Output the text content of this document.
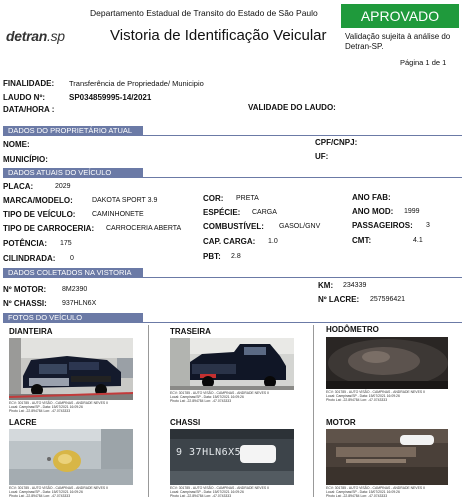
Departamento Estadual de Transito do Estado de São Paulo
detran.sp	Vistoria de Identificação Veicular
APROVADO
Validação sujeita à análise do Detran-SP.
Página 1 de 1
FINALIDADE: Transferência de Propriedade/ Municipio
LAUDO Nº:	SP034859995-14/2021
DATA/HORA :	VALIDADE DO LAUDO:
DADOS DO PROPRIETÁRIO ATUAL
NOME:	CPF/CNPJ:
MUNICÍPIO:	UF:
DADOS ATUAIS DO VEÍCULO
PLACA:	2029
MARCA/MODELO:	DAKOTA SPORT 3.9	COR: PRETA	ANO FAB:
TIPO DE VEÍCULO: CAMINHONETE	ESPÉCIE: CARGA	ANO MOD: 1999
TIPO DE CARROCERIA: CARROCERIA ABERTA	COMBUSTÍVEL: GASOL/GNV	PASSAGEIROS: 3
POTÊNCIA: 175	CAP. CARGA: 1.0	CMT:	4.1
CILINDRADA: 0	PBT: 2.8
DADOS COLETADOS NA VISTORIA
Nº MOTOR: 8M2390	KM: 234339
Nº CHASSI: 937HLN6X	Nº LACRE: 257596421
FOTOS DO VEÍCULO
DIANTEIRA
ECV: 301785 - AUTO VISÃO - CAMPINAS - ANDRADE NEVES II
Local: Campinas/SP - Data: 15/07/2021 16:09:26
Photo Lat: -22.894784 Lon: -47.0743333
TRASEIRA
ECV: 301785 - AUTO VISÃO - CAMPINAS - ANDRADE NEVES II
Local: Campinas/SP - Data: 15/07/2021 16:09:26
Photo Lat: -22.894784 Lon: -47.0743333
HODÔMETRO
ECV: 301785 - AUTO VISÃO - CAMPINAS - ANDRADE NEVES II
Local: Campinas/SP - Data: 15/07/2021 16:09:26
Photo Lat: -22.894784 Lon: -47.0743333
LACRE
ECV: 301785 - AUTO VISÃO - CAMPINAS - ANDRADE NEVES II
Local: Campinas/SP - Data: 15/07/2021 16:09:26
Photo Lat: -22.894784 Lon: -47.0743333
CHASSI
9 37HLN6X5
ECV: 301785 - AUTO VISÃO - CAMPINAS - ANDRADE NEVES II
Local: Campinas/SP - Data: 15/07/2021 16:09:26
Photo Lat: -22.894784 Lon: -47.0743333
MOTOR
ECV: 301785 - AUTO VISÃO - CAMPINAS - ANDRADE NEVES II
Local: Campinas/SP - Data: 15/07/2021 16:09:26
Photo Lat: -22.894784 Lon: -47.0743333
